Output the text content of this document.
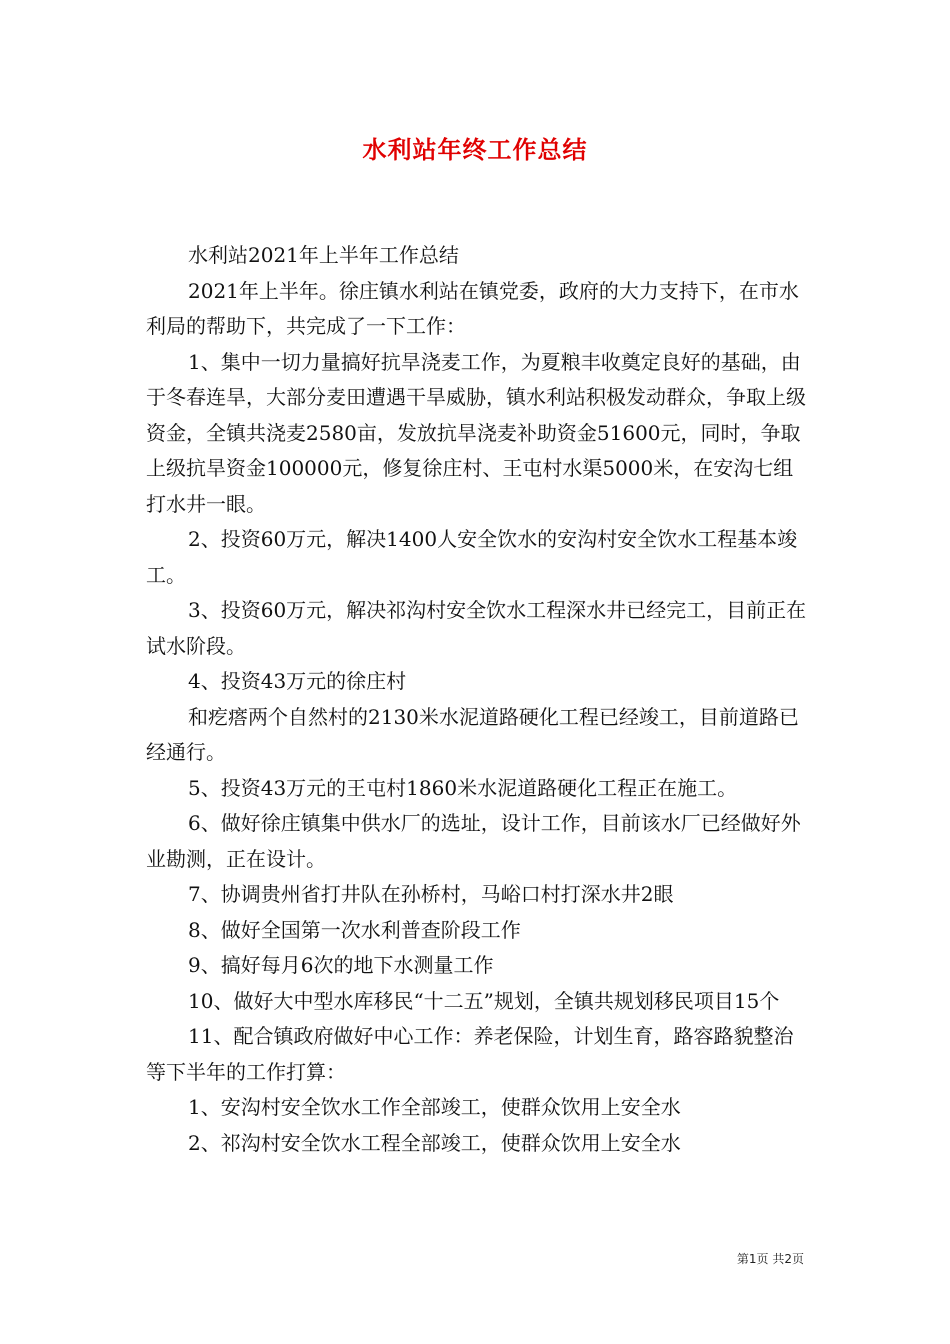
水利站年终工作总结

水利站2021年上半年工作总结

2021年上半年。徐庄镇水利站在镇党委，政府的大力支持下，在市水利局的帮助下，共完成了一下工作：

1、集中一切力量搞好抗旱浇麦工作，为夏粮丰收奠定良好的基础，由于冬春连旱，大部分麦田遭遇干旱威胁，镇水利站积极发动群众，争取上级资金，全镇共浇麦2580亩，发放抗旱浇麦补助资金51600元，同时，争取上级抗旱资金100000元，修复徐庄村、王屯村水渠5000米，在安沟七组打水井一眼。

2、投资60万元，解决1400人安全饮水的安沟村安全饮水工程基本竣工。

3、投资60万元，解决祁沟村安全饮水工程深水井已经完工，目前正在试水阶段。

4、投资43万元的徐庄村

和疙瘩两个自然村的2130米水泥道路硬化工程已经竣工，目前道路已经通行。

5、投资43万元的王屯村1860米水泥道路硬化工程正在施工。

6、做好徐庄镇集中供水厂的选址，设计工作，目前该水厂已经做好外业勘测，正在设计。

7、协调贵州省打井队在孙桥村，马峪口村打深水井2眼

8、做好全国第一次水利普查阶段工作

9、搞好每月6次的地下水测量工作

10、做好大中型水库移民“十二五”规划，全镇共规划移民项目15个

11、配合镇政府做好中心工作：养老保险，计划生育，路容路貌整治等下半年的工作打算：

1、安沟村安全饮水工作全部竣工，使群众饮用上安全水

2、祁沟村安全饮水工程全部竣工，使群众饮用上安全水

第1页 共2页
